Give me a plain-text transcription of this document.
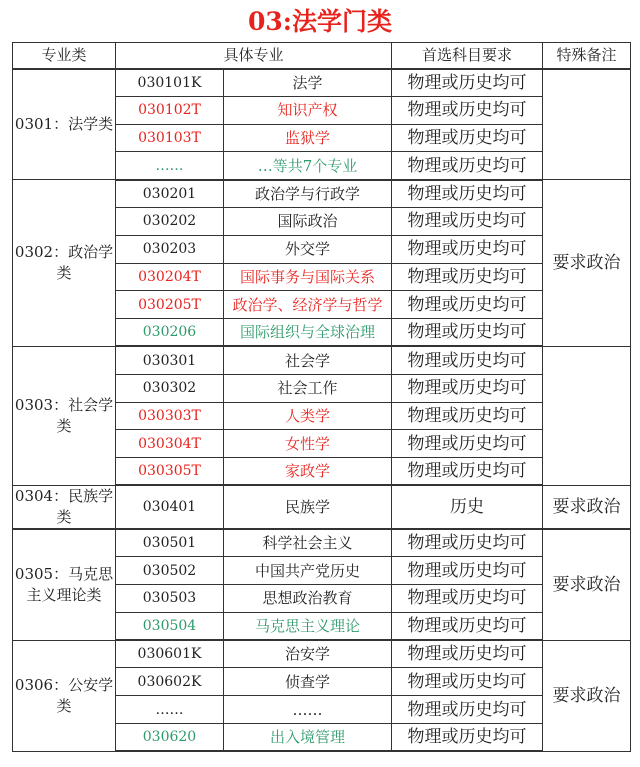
03:法学门类
专业类	具体专业		首选科目要求	特殊备注
0301：法学类	030101K	法学	物理或历史均可	
	030102T	知识产权	物理或历史均可	
	030103T	监狱学	物理或历史均可	
	……	…等共7个专业	物理或历史均可	
0302：政治学类	030201	政治学与行政学	物理或历史均可	要求政治
	030202	国际政治	物理或历史均可	
	030203	外交学	物理或历史均可	
	030204T	国际事务与国际关系	物理或历史均可	
	030205T	政治学、经济学与哲学	物理或历史均可	
	030206	国际组织与全球治理	物理或历史均可	
0303：社会学类	030301	社会学	物理或历史均可	
	030302	社会工作	物理或历史均可	
	030303T	人类学	物理或历史均可	
	030304T	女性学	物理或历史均可	
	030305T	家政学	物理或历史均可	
0304：民族学类	030401	民族学	历史	要求政治
0305：马克思主义理论类	030501	科学社会主义	物理或历史均可	要求政治
	030502	中国共产党历史	物理或历史均可	
	030503	思想政治教育	物理或历史均可	
	030504	马克思主义理论	物理或历史均可	
0306：公安学类	030601K	治安学	物理或历史均可	要求政治
	030602K	侦查学	物理或历史均可	
	……	……	物理或历史均可	
	030620	出入境管理	物理或历史均可	
